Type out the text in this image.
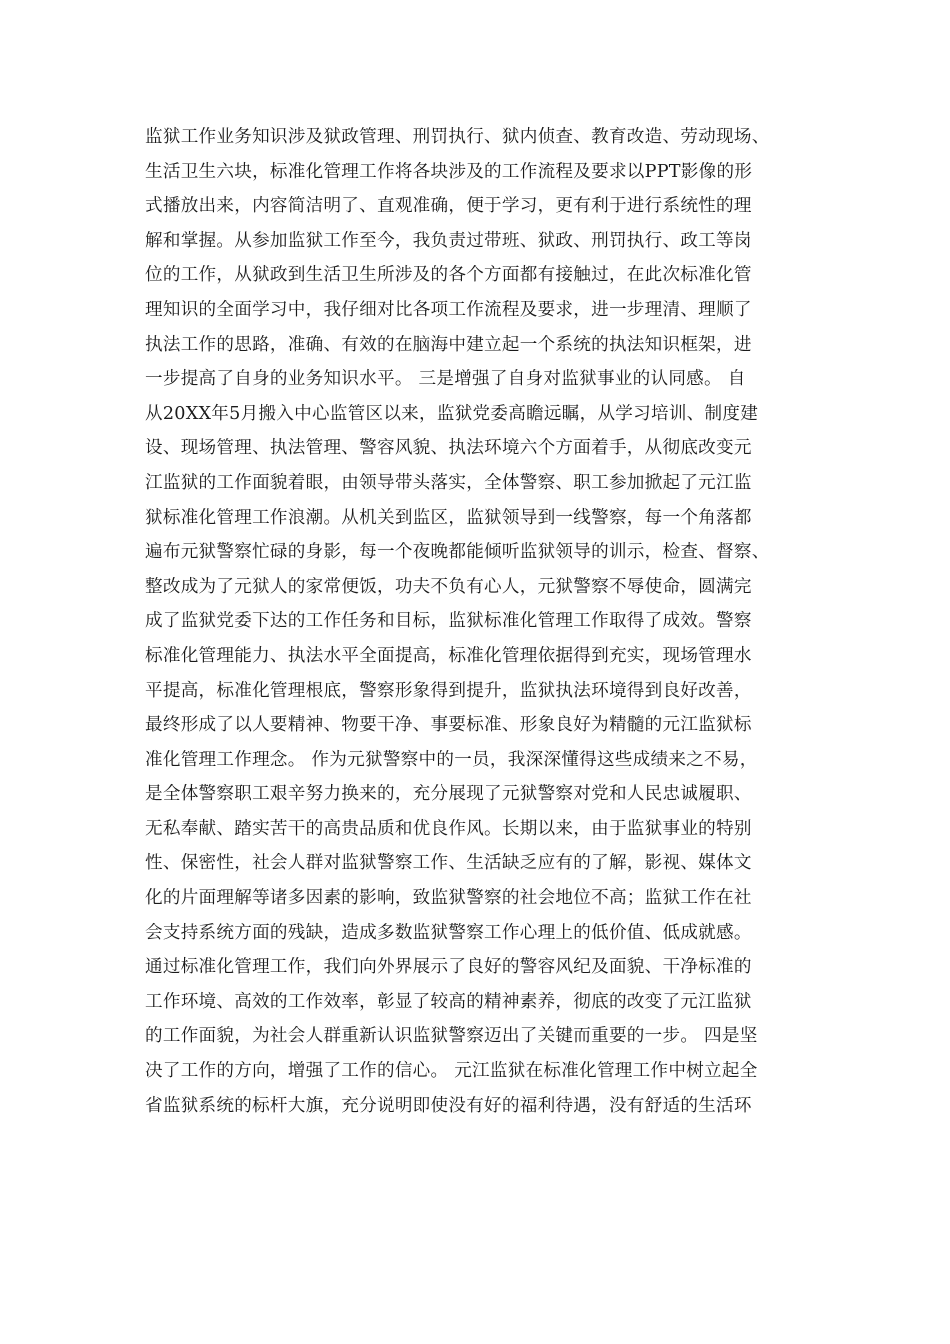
监狱工作业务知识涉及狱政管理、刑罚执行、狱内侦查、教育改造、劳动现场、
生活卫生六块，标准化管理工作将各块涉及的工作流程及要求以PPT影像的形
式播放出来，内容简洁明了、直观准确，便于学习，更有利于进行系统性的理
解和掌握。从参加监狱工作至今，我负责过带班、狱政、刑罚执行、政工等岗
位的工作，从狱政到生活卫生所涉及的各个方面都有接触过，在此次标准化管
理知识的全面学习中，我仔细对比各项工作流程及要求，进一步理清、理顺了
执法工作的思路，准确、有效的在脑海中建立起一个系统的执法知识框架，进
一步提高了自身的业务知识水平。 三是增强了自身对监狱事业的认同感。 自
从20XX年5月搬入中心监管区以来，监狱党委高瞻远瞩，从学习培训、制度建
设、现场管理、执法管理、警容风貌、执法环境六个方面着手，从彻底改变元
江监狱的工作面貌着眼，由领导带头落实，全体警察、职工参加掀起了元江监
狱标准化管理工作浪潮。从机关到监区，监狱领导到一线警察，每一个角落都
遍布元狱警察忙碌的身影，每一个夜晚都能倾听监狱领导的训示，检查、督察、
整改成为了元狱人的家常便饭，功夫不负有心人，元狱警察不辱使命，圆满完
成了监狱党委下达的工作任务和目标，监狱标准化管理工作取得了成效。警察
标准化管理能力、执法水平全面提高，标准化管理依据得到充实，现场管理水
平提高，标准化管理根底，警察形象得到提升，监狱执法环境得到良好改善，
最终形成了以人要精神、物要干净、事要标准、形象良好为精髓的元江监狱标
准化管理工作理念。 作为元狱警察中的一员，我深深懂得这些成绩来之不易，
是全体警察职工艰辛努力换来的，充分展现了元狱警察对党和人民忠诚履职、
无私奉献、踏实苦干的高贵品质和优良作风。长期以来，由于监狱事业的特别
性、保密性，社会人群对监狱警察工作、生活缺乏应有的了解，影视、媒体文
化的片面理解等诸多因素的影响，致监狱警察的社会地位不高；监狱工作在社
会支持系统方面的残缺，造成多数监狱警察工作心理上的低价值、低成就感。
通过标准化管理工作，我们向外界展示了良好的警容风纪及面貌、干净标准的
工作环境、高效的工作效率，彰显了较高的精神素养，彻底的改变了元江监狱
的工作面貌，为社会人群重新认识监狱警察迈出了关键而重要的一步。 四是坚
决了工作的方向，增强了工作的信心。 元江监狱在标准化管理工作中树立起全
省监狱系统的标杆大旗，充分说明即使没有好的福利待遇，没有舒适的生活环
